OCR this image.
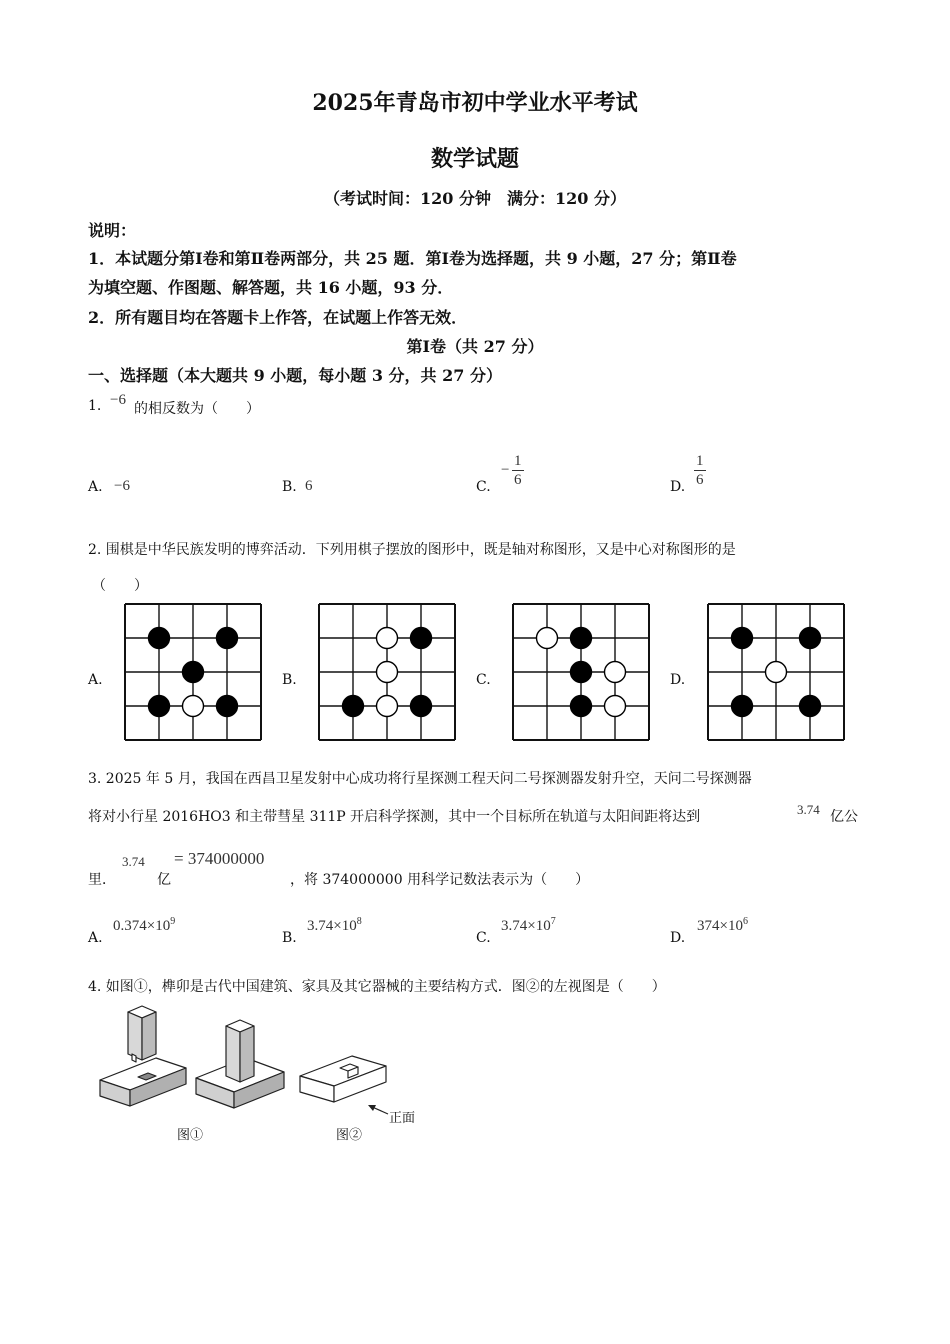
2025年青岛市初中学业水平考试
数学试题
（考试时间：120 分钟　满分：120 分）
说明：
1．本试题分第Ⅰ卷和第Ⅱ卷两部分，共 25 题．第Ⅰ卷为选择题，共 9 小题，27 分；第Ⅱ卷
为填空题、作图题、解答题，共 16 小题，93 分．
2．所有题目均在答题卡上作答，在试题上作答无效．
第Ⅰ卷（共 27 分）
一、选择题（本大题共 9 小题，每小题 3 分，共 27 分）
1. −6
的相反数为（　　）
A. −6	B. 6	C.
− $\frac{1}{6}$	D. $\frac{1}{6}$
2. 围棋是中华民族发明的博弈活动．下列用棋子摆放的图形中，既是轴对称图形，又是中心对称图形的是
（　　）
A.	B.	C.	D.
3. 2025 年 5 月，我国在西昌卫星发射中心成功将行星探测工程天问二号探测器发射升空，天问二号探测器
将对小行星 2016HO3 和主带彗星 311P 开启科学探测，其中一个目标所在轨道与太阳间距将达到	3.74 亿公
里．
3.74
亿
= 374000000
，将 374000000 用科学记数法表示为（　　）
A.
$0.374\times 10^9$
B.
$3.74\times 10^8$
C.
$3.74\times 10^7$
D.
$374\times 10^6$
4. 如图①，榫卯是古代中国建筑、家具及其它器械的主要结构方式．图②的左视图是（　　）
正面
图①	图②
